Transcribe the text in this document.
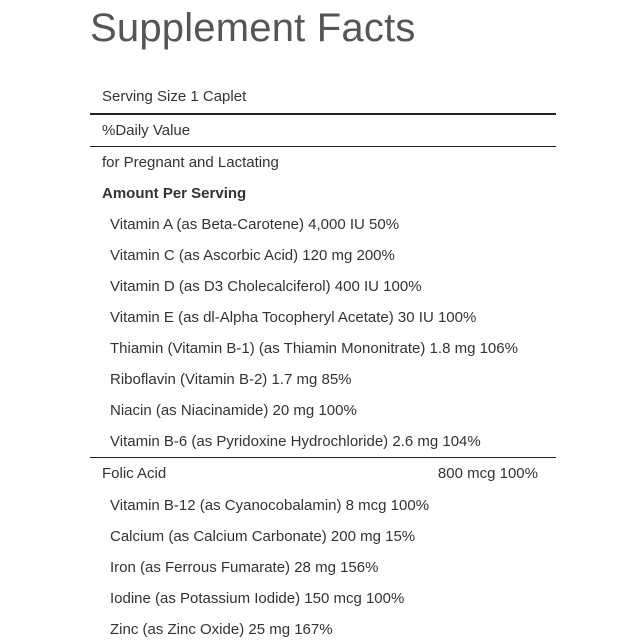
Supplement Facts
Serving Size 1 Caplet
%Daily Value
for Pregnant and Lactating
Amount Per Serving
Vitamin A (as Beta-Carotene) 4,000 IU 50%
Vitamin C (as Ascorbic Acid) 120 mg 200%
Vitamin D (as D3 Cholecalciferol) 400 IU 100%
Vitamin E (as dl-Alpha Tocopheryl Acetate) 30 IU 100%
Thiamin (Vitamin B-1) (as Thiamin Mononitrate) 1.8 mg 106%
Riboflavin (Vitamin B-2) 1.7 mg 85%
Niacin (as Niacinamide) 20 mg 100%
Vitamin B-6 (as Pyridoxine Hydrochloride) 2.6 mg 104%
Folic Acid	800 mcg 100%
Vitamin B-12 (as Cyanocobalamin) 8 mcg 100%
Calcium (as Calcium Carbonate) 200 mg 15%
Iron (as Ferrous Fumarate) 28 mg 156%
Iodine (as Potassium Iodide) 150 mcg 100%
Zinc (as Zinc Oxide) 25 mg 167%
